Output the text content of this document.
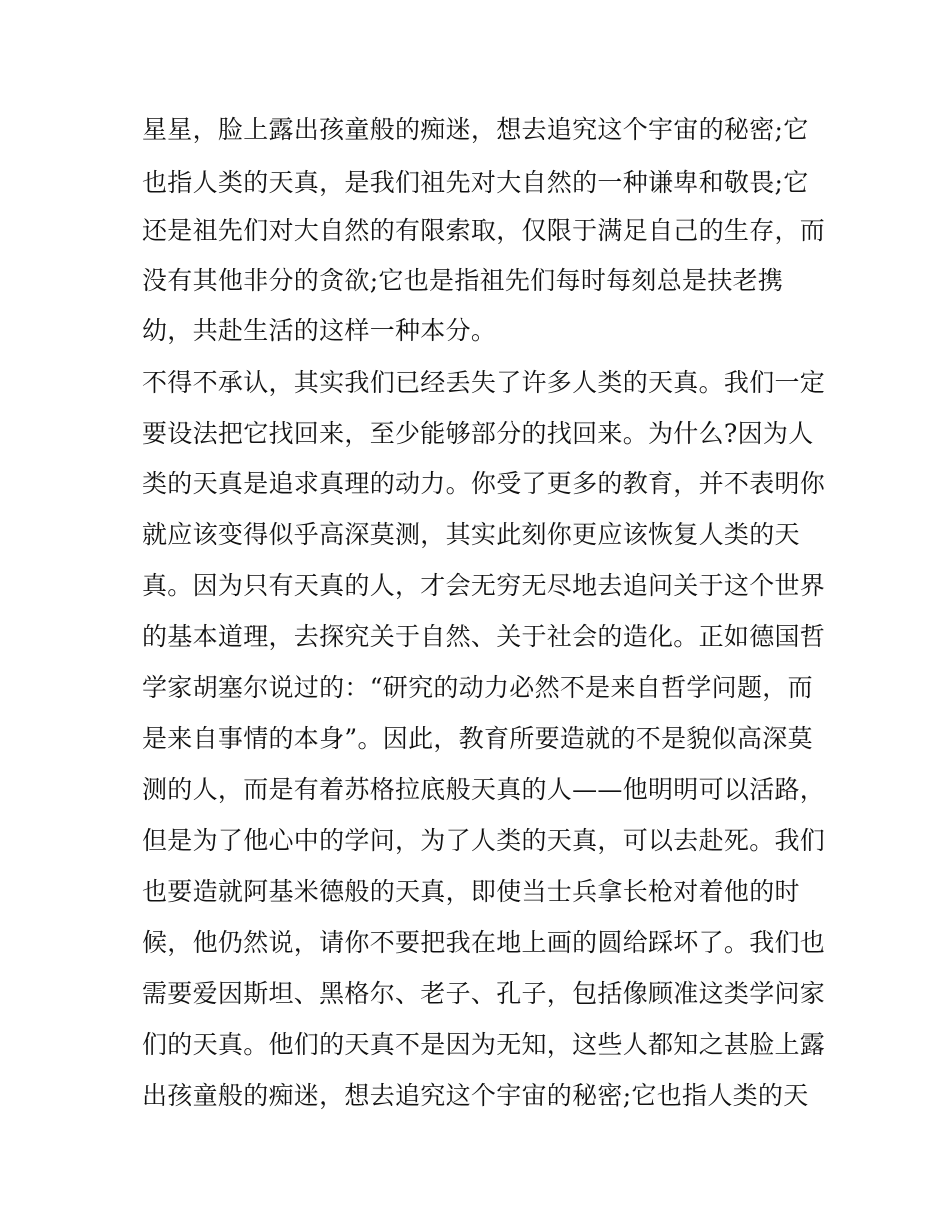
星星，脸上露出孩童般的痴迷，想去追究这个宇宙的秘密;它
也指人类的天真，是我们祖先对大自然的一种谦卑和敬畏;它
还是祖先们对大自然的有限索取，仅限于满足自己的生存，而
没有其他非分的贪欲;它也是指祖先们每时每刻总是扶老携
幼，共赴生活的这样一种本分。
不得不承认，其实我们已经丢失了许多人类的天真。我们一定
要设法把它找回来，至少能够部分的找回来。为什么?因为人
类的天真是追求真理的动力。你受了更多的教育，并不表明你
就应该变得似乎高深莫测，其实此刻你更应该恢复人类的天
真。因为只有天真的人，才会无穷无尽地去追问关于这个世界
的基本道理，去探究关于自然、关于社会的造化。正如德国哲
学家胡塞尔说过的：“研究的动力必然不是来自哲学问题，而
是来自事情的本身”。因此，教育所要造就的不是貌似高深莫
测的人，而是有着苏格拉底般天真的人——他明明可以活路，
但是为了他心中的学问，为了人类的天真，可以去赴死。我们
也要造就阿基米德般的天真，即使当士兵拿长枪对着他的时
候，他仍然说，请你不要把我在地上画的圆给踩坏了。我们也
需要爱因斯坦、黑格尔、老子、孔子，包括像顾准这类学问家
们的天真。他们的天真不是因为无知，这些人都知之甚脸上露
出孩童般的痴迷，想去追究这个宇宙的秘密;它也指人类的天
